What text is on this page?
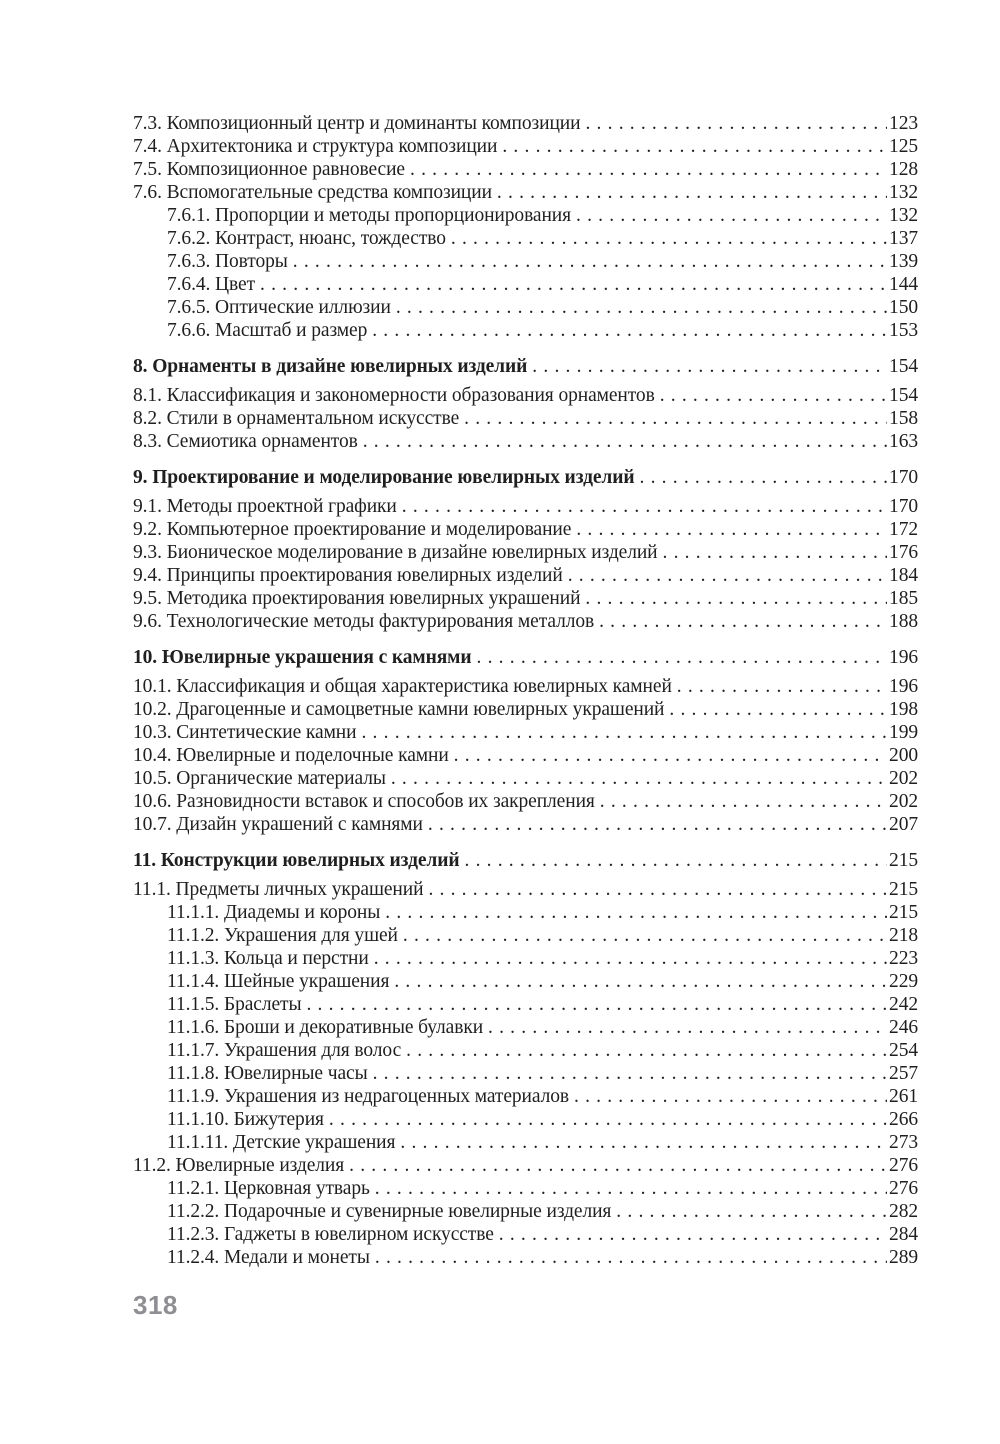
7.3. Композиционный центр и доминанты композиции .....	123
7.4. Архитектоника и структура композиции .....	125
7.5. Композиционное равновесие .....	128
7.6. Вспомогательные средства композиции .....	132
7.6.1. Пропорции и методы пропорционирования .....	132
7.6.2. Контраст, нюанс, тождество .....	137
7.6.3. Повторы .....	139
7.6.4. Цвет .....	144
7.6.5. Оптические иллюзии .....	150
7.6.6. Масштаб и размер .....	153
8. Орнаменты в дизайне ювелирных изделий .....	154
8.1. Классификация и закономерности образования орнаментов .....	154
8.2. Стили в орнаментальном искусстве .....	158
8.3. Семиотика орнаментов .....	163
9. Проектирование и моделирование ювелирных изделий .....	170
9.1. Методы проектной графики .....	170
9.2. Компьютерное проектирование и моделирование .....	172
9.3. Бионическое моделирование в дизайне ювелирных изделий .....	176
9.4. Принципы проектирования ювелирных изделий .....	184
9.5. Методика проектирования ювелирных украшений .....	185
9.6. Технологические методы фактурирования металлов .....	188
10. Ювелирные украшения с камнями .....	196
10.1. Классификация и общая характеристика ювелирных камней .....	196
10.2. Драгоценные и самоцветные камни ювелирных украшений .....	198
10.3. Синтетические камни .....	199
10.4. Ювелирные и поделочные камни .....	200
10.5. Органические материалы .....	202
10.6. Разновидности вставок и способов их закрепления .....	202
10.7. Дизайн украшений с камнями .....	207
11. Конструкции ювелирных изделий .....	215
11.1. Предметы личных украшений .....	215
11.1.1. Диадемы и короны .....	215
11.1.2. Украшения для ушей .....	218
11.1.3. Кольца и перстни .....	223
11.1.4. Шейные украшения .....	229
11.1.5. Браслеты .....	242
11.1.6. Броши и декоративные булавки .....	246
11.1.7. Украшения для волос .....	254
11.1.8. Ювелирные часы .....	257
11.1.9. Украшения из недрагоценных материалов .....	261
11.1.10. Бижутерия .....	266
11.1.11. Детские украшения .....	273
11.2. Ювелирные изделия .....	276
11.2.1. Церковная утварь .....	276
11.2.2. Подарочные и сувенирные ювелирные изделия .....	282
11.2.3. Гаджеты в ювелирном искусстве .....	284
11.2.4. Медали и монеты .....	289
318
